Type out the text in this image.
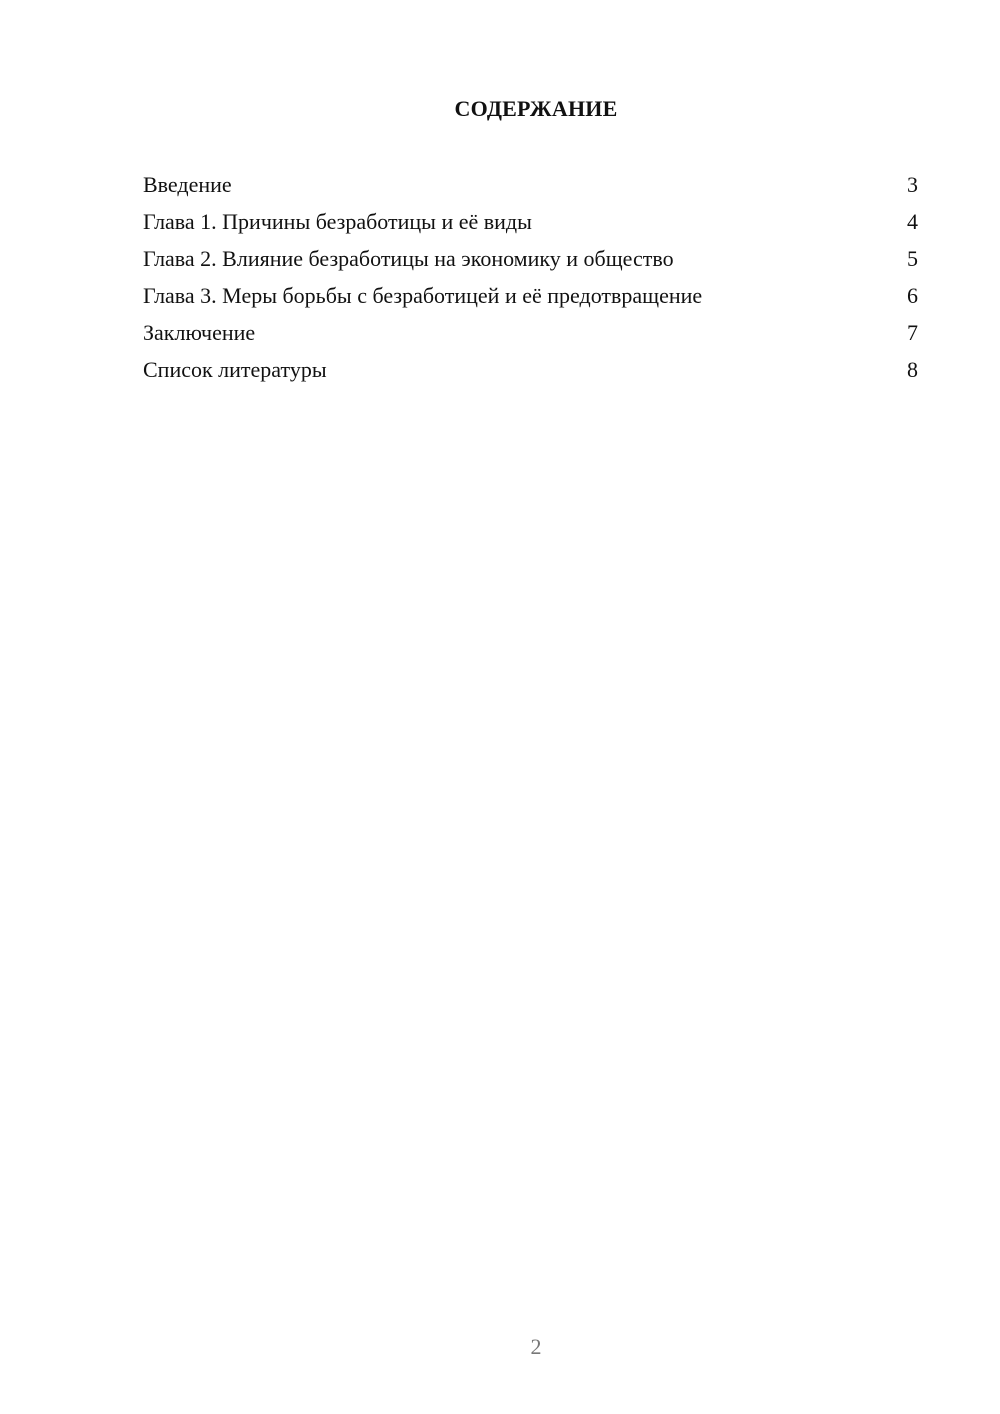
СОДЕРЖАНИЕ
Введение	3
Глава 1. Причины безработицы и её виды	4
Глава 2. Влияние безработицы на экономику и общество	5
Глава 3. Меры борьбы с безработицей и её предотвращение	6
Заключение	7
Список литературы	8
2
